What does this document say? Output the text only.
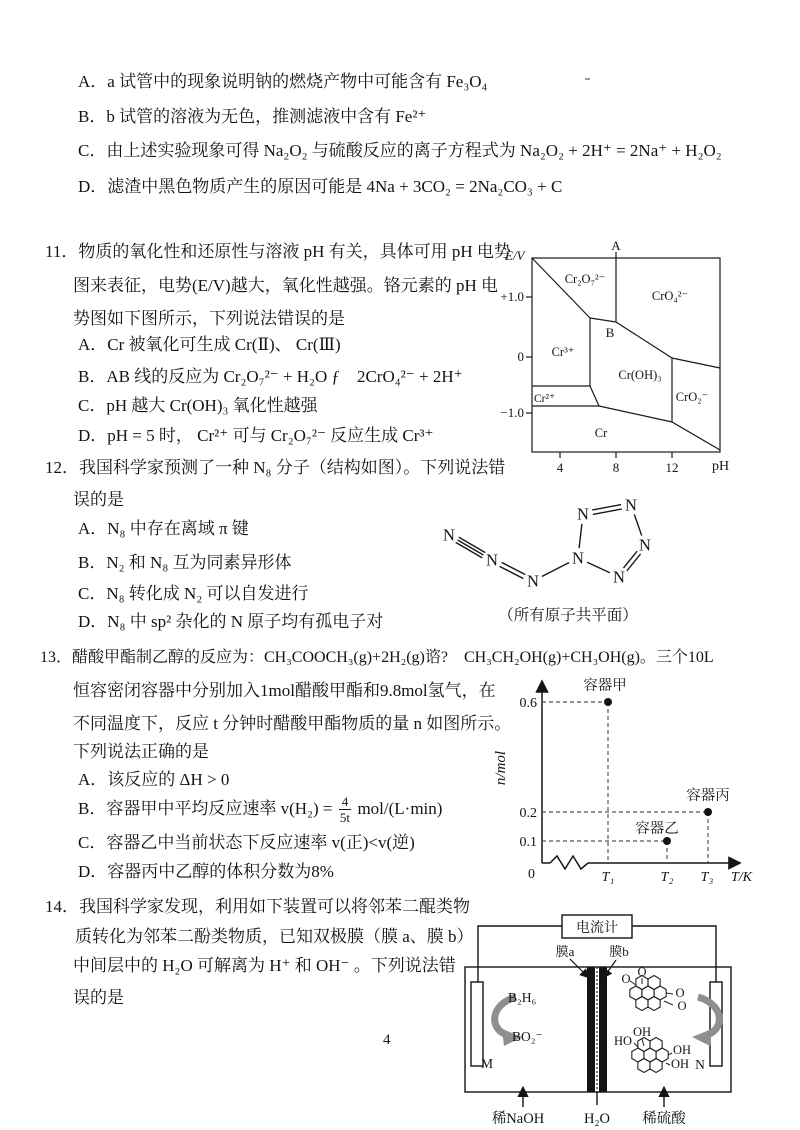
A．a 试管中的现象说明钠的燃烧产物中可能含有 Fe₃O₄
B．b 试管的溶液为无色，推测滤液中含有 Fe²⁺
C．由上述实验现象可得 Na₂O₂ 与硫酸反应的离子方程式为 Na₂O₂ + 2H⁺ = 2Na⁺ + H₂O₂
D．滤渣中黑色物质产生的原因可能是 4Na + 3CO₂ = 2Na₂CO₃ + C
11．物质的氧化性和还原性与溶液 pH 有关，具体可用 pH 电势
图来表征，电势(E/V)越大，氧化性越强。铬元素的 pH 电
势图如下图所示，下列说法错误的是
A．Cr 被氧化可生成 Cr(Ⅱ)、 Cr(Ⅲ)
B．AB 线的反应为 Cr₂O₇²⁻ + H₂O ƒ　2CrO₄²⁻ + 2H⁺
C．pH 越大 Cr(OH)₃ 氧化性越强
D．pH = 5 时， Cr²⁺ 可与 Cr₂O₇²⁻ 反应生成 Cr³⁺
E/V
+1.0
0
−1.0
4	8	12 pH
A
B
Cr₂O₇²⁻
CrO₄²⁻
Cr³⁺
Cr(OH)₃
Cr²⁺	CrO₂⁻
Cr
12．我国科学家预测了一种 N₈ 分子（结构如图）。下列说法错
误的是
A．N₈ 中存在离域 π 键
B．N₂ 和 N₈ 互为同素异形体
C．N₈ 转化成 N₂ 可以自发进行
D．N₈ 中 sp² 杂化的 N 原子均有孤电子对
N
N
N
N
N N
N
N
（所有原子共平面）
13．醋酸甲酯制乙醇的反应为：CH₃COOCH₃(g)+2H₂(g)谘?　CH₃CH₂OH(g)+CH₃OH(g)。三个10L
恒容密闭容器中分别加入1mol醋酸甲酯和9.8mol氢气，在
不同温度下，反应 t 分钟时醋酸甲酯物质的量 n 如图所示。
下列说法正确的是
A．该反应的 ΔH > 0
B．容器甲中平均反应速率 $v(H_2) = \frac{4}{5t} mol/(L\cdot\min)$
C．容器乙中当前状态下反应速率 v(正)<v(逆)
D．容器丙中乙醇的体积分数为8%
0.6
0.2
0.1
0
容器甲
容器乙
容器丙
T₁	T₂ T₃ T/K
n/mol
14．我国科学家发现，利用如下装置可以将邻苯二醌类物
质转化为邻苯二酚类物质，已知双极膜（膜 a、膜 b）
中间层中的 H₂O 可解离为 H⁺ 和 OH⁻ 。下列说法错
误的是
O
O
O
O
OH
HO
OH
OH
电流计
膜a	膜b
B₂H₆
BO₂⁻
M	N
稀NaOH	H₂O 稀硫酸
4
